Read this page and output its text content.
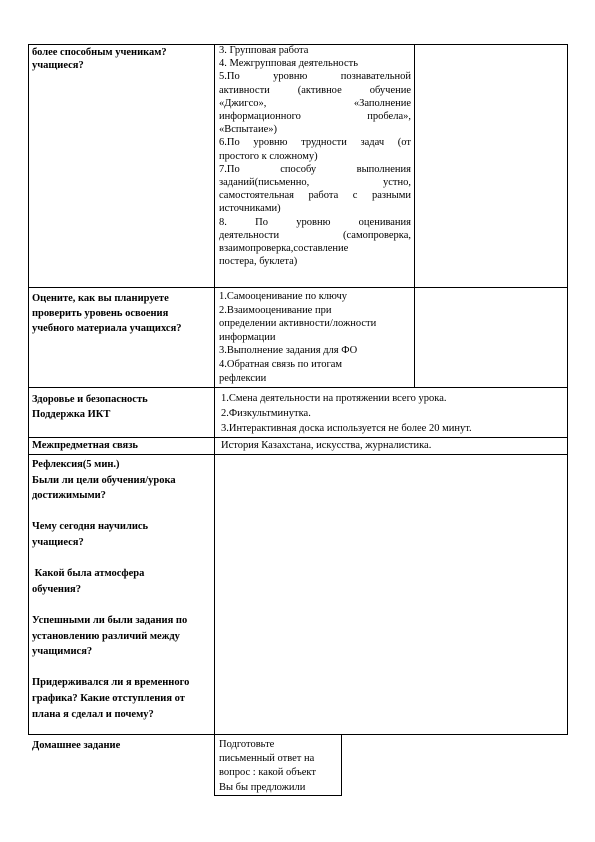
более способным ученикам?
учащиеся?
3. Групповая работа
4. Межгрупповая деятельность
5.По уровню познавательной
активности (активное обучение
«Джигсо», «Заполнение
информационного пробела»,
«Вспытаие»)
6.По уровню трудности задач (от
простого к сложному)
7.По способу выполнения
заданий(письменно, устно,
самостоятельная работа с разными
источниками)
8. По уровню оценивания
деятельности (самопроверка,
взаимопроверка,составление
постера, буклета)
Оцените, как вы планируете
проверить уровень освоения
учебного материала учащихся?
1.Самооценивание по ключу
2.Взаимооценивание при
определении активности/ложности
информации
3.Выполнение задания для ФО
4.Обратная связь по итогам
рефлексии
Здоровье и безопасность
Поддержка ИКТ
1.Смена деятельности на протяжении всего урока.
2.Физкультминутка.
3.Интерактивная доска используется не более 20 минут.
Межпредметная связь	История Казахстана, искусства, журналистика.
Рефлексия(5 мин.)
Были ли цели обучения/урока
достижимыми?
Чему сегодня научились
учащиеся?
Какой была атмосфера
обучения?
Успешными ли были задания по
установлению различий между
учащимися?
Придерживался ли я временного
графика? Какие отступления от
плана я сделал и почему?
Домашнее задание	Подготовьте
письменный ответ на
вопрос : какой объект
Вы бы предложили
